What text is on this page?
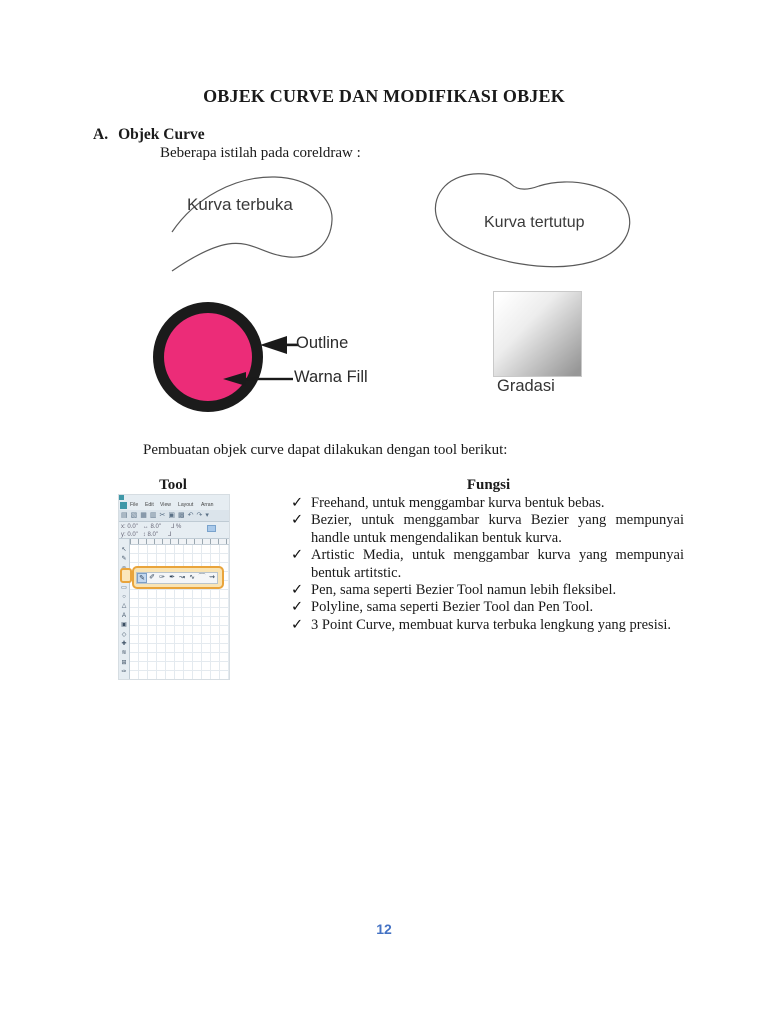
OBJEK CURVE DAN MODIFIKASI OBJEK
A. Objek Curve
Beberapa istilah pada coreldraw :
Kurva terbuka
Kurva tertutup
Outline
Warna Fill	Gradasi
Pembuatan objek curve dapat dilakukan dengan tool berikut:
Tool	Fungsi
File Edit View Layout Arran
▤ ▧ ▦ ▥ ✂ ▣ ▩ ↶ ↷ ▾
x: 0.0"   ↔ 8.0"      ⅃ %
y: 0.0"   ↕ 8.0"      ⅃
↖
✎
▭
○
△
A
▣
◇
✚
≋
⊞
✑
✎ ✐ ✑ ✒ ↝ ∿ ⌒ ⇝
✓ Freehand, untuk menggambar kurva bentuk bebas.
✓ Bezier, untuk menggambar kurva Bezier yang mempunyai handle untuk mengendalikan bentuk kurva.
✓ Artistic Media, untuk menggambar kurva yang mempunyai bentuk artitstic.
✓ Pen, sama seperti Bezier Tool namun lebih fleksibel.
✓ Polyline, sama seperti Bezier Tool dan Pen Tool.
✓ 3 Point Curve, membuat kurva terbuka lengkung yang presisi.
12
